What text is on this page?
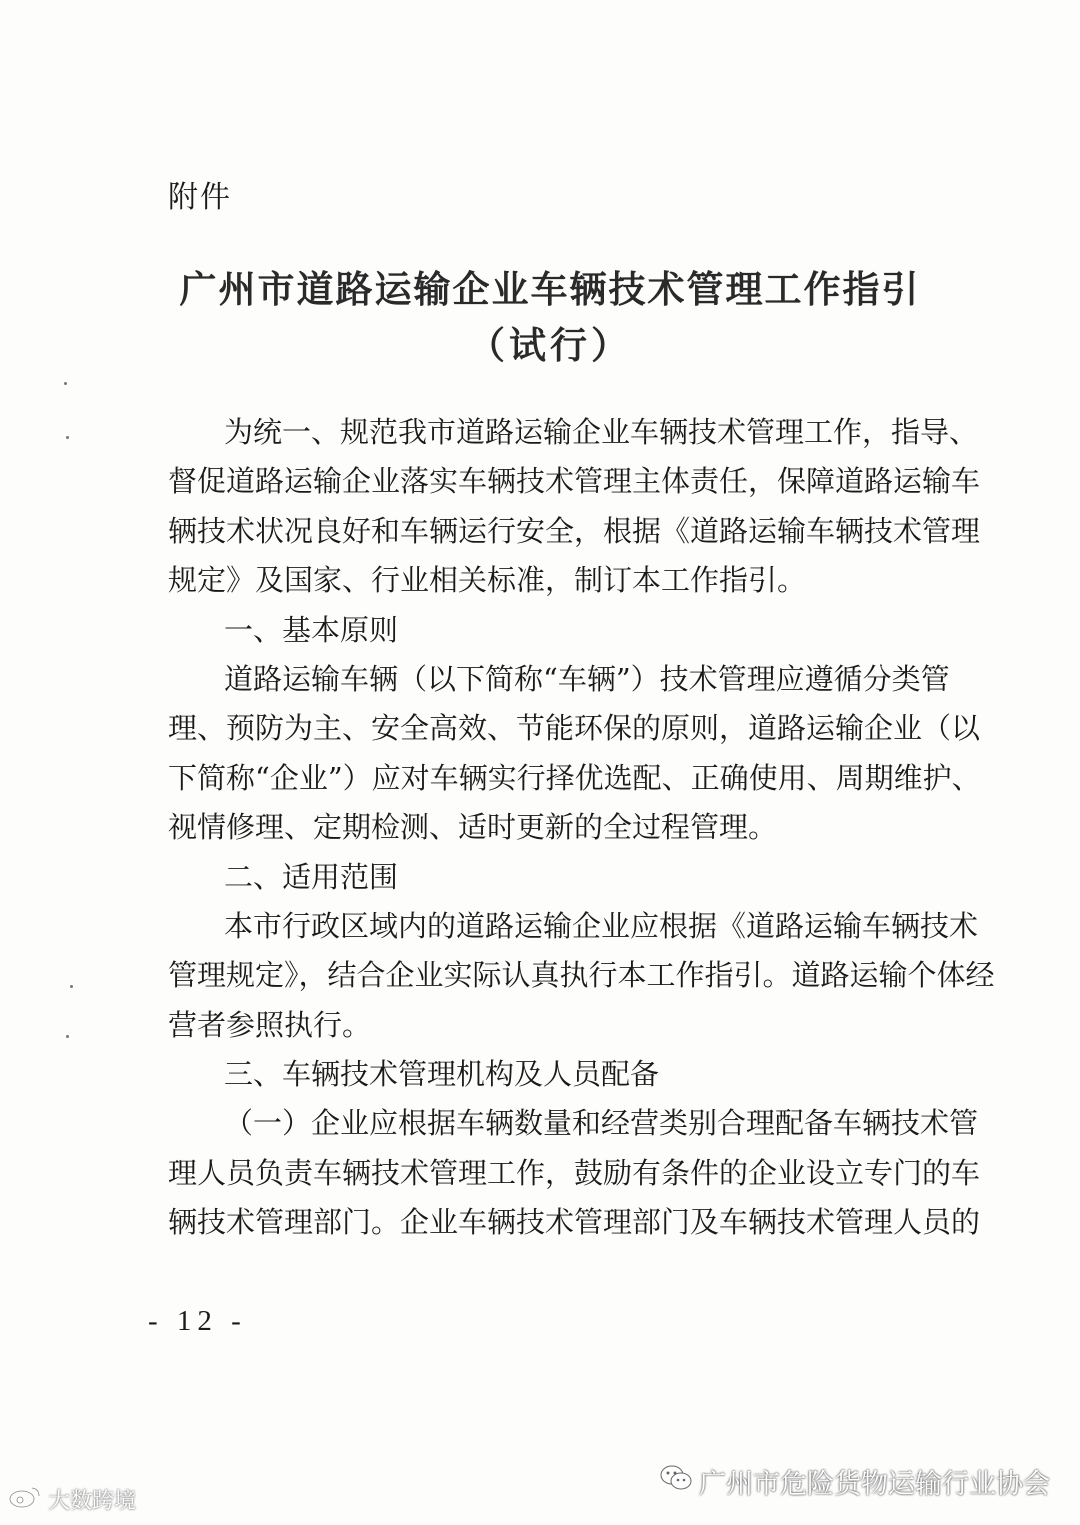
附件
广州市道路运输企业车辆技术管理工作指引
（试行）
为统一、规范我市道路运输企业车辆技术管理工作，指导、
督促道路运输企业落实车辆技术管理主体责任，保障道路运输车
辆技术状况良好和车辆运行安全，根据《道路运输车辆技术管理
规定》及国家、行业相关标准，制订本工作指引。
一、基本原则
道路运输车辆（以下简称“车辆”）技术管理应遵循分类管
理、预防为主、安全高效、节能环保的原则，道路运输企业（以
下简称“企业”）应对车辆实行择优选配、正确使用、周期维护、
视情修理、定期检测、适时更新的全过程管理。
二、适用范围
本市行政区域内的道路运输企业应根据《道路运输车辆技术
管理规定》，结合企业实际认真执行本工作指引。道路运输个体经
营者参照执行。
三、车辆技术管理机构及人员配备
（一）企业应根据车辆数量和经营类别合理配备车辆技术管
理人员负责车辆技术管理工作，鼓励有条件的企业设立专门的车
辆技术管理部门。企业车辆技术管理部门及车辆技术管理人员的
- 12 -
大数跨境
广州市危险货物运输行业协会
